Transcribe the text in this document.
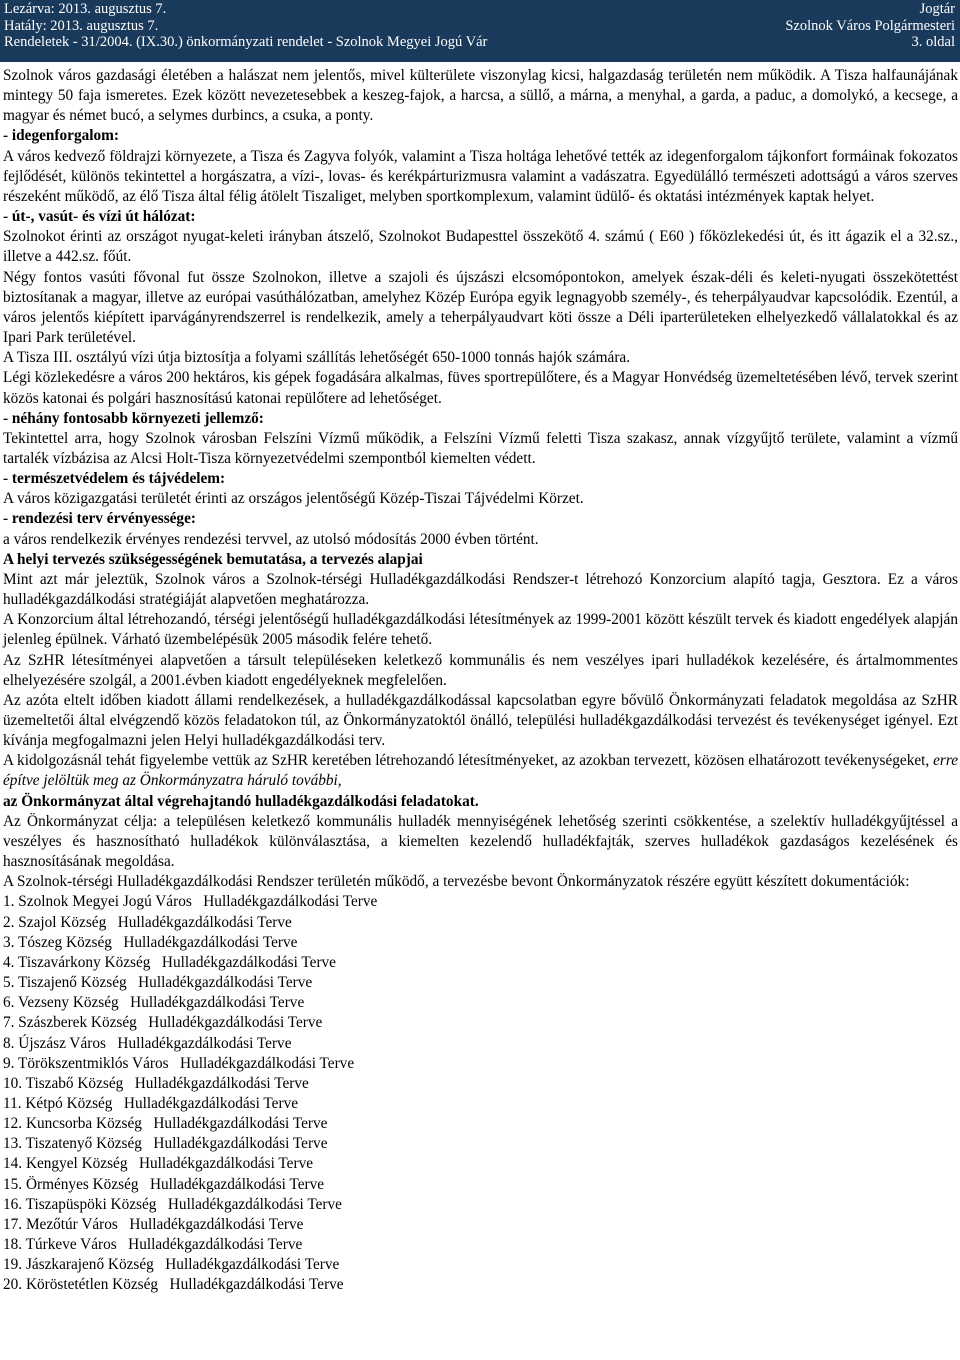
Lezárva: 2013. augusztus 7.
Hatály: 2013. augusztus 7.
Rendeletek - 31/2004. (IX.30.) önkormányzati rendelet - Szolnok Megyei Jogú Vár
Jogtár
Szolnok Város Polgármesteri
3. oldal

Szolnok város gazdasági életében a halászat nem jelentős, mivel külterülete viszonylag kicsi, halgazdaság területén nem működik. A Tisza halfaunájának mintegy 50 faja ismeretes. Ezek között nevezetesebbek a keszeg-fajok, a harcsa, a süllő, a márna, a menyhal, a garda, a paduc, a domolykó, a kecsege, a magyar és német bucó, a selymes durbincs, a csuka, a ponty.

- idegenforgalom:

A város kedvező földrajzi környezete, a Tisza és Zagyva folyók, valamint a Tisza holtága lehetővé tették az idegenforgalom tájkonfort formáinak fokozatos fejlődését, különös tekintettel a horgászatra, a vízi-, lovas- és kerékpárturizmusra valamint a vadászatra. Egyedülálló természeti adottságú a város szerves részeként működő, az élő Tisza által félig átölelt Tiszaliget, melyben sportkomplexum, valamint üdülő- és oktatási intézmények kaptak helyet.

- út-, vasút- és vízi út hálózat:

Szolnokot érinti az országot nyugat-keleti irányban átszelő, Szolnokot Budapesttel összekötő 4. számú ( E60 ) főközlekedési út, és itt ágazik el a 32.sz., illetve a 442.sz. főút.

Négy fontos vasúti fővonal fut össze Szolnokon, illetve a szajoli és újszászi elcsomópontokon, amelyek észak-déli és keleti-nyugati összekötettést biztosítanak a magyar, illetve az európai vasúthálózatban, amelyhez Közép Európa egyik legnagyobb személy-, és teherpályaudvar kapcsolódik. Ezentúl, a város jelentős kiépített iparvágányrendszerrel is rendelkezik, amely a teherpályaudvart köti össze a Déli iparterületeken elhelyezkedő vállalatokkal és az Ipari Park területével.

A Tisza III. osztályú vízi útja biztosítja a folyami szállítás lehetőségét 650-1000 tonnás hajók számára.

Légi közlekedésre a város 200 hektáros, kis gépek fogadására alkalmas, füves sportrepülőtere, és a Magyar Honvédség üzemeltetésében lévő, tervek szerint közös katonai és polgári hasznosítású katonai repülőtere ad lehetőséget.

- néhány fontosabb környezeti jellemző:

Tekintettel arra, hogy Szolnok városban Felszíni Vízmű működik, a Felszíni Vízmű feletti Tisza szakasz, annak vízgyűjtő területe, valamint a vízmű tartalék vízbázisa az Alcsi Holt-Tisza környezetvédelmi szempontból kiemelten védett.

- természetvédelem és tájvédelem:

A város közigazgatási területét érinti az országos jelentőségű Közép-Tiszai Tájvédelmi Körzet.

- rendezési terv érvényessége:

a város rendelkezik érvényes rendezési tervvel, az utolsó módosítás 2000 évben történt.

A helyi tervezés szükségességének bemutatása, a tervezés alapjai

Mint azt már jeleztük, Szolnok város a Szolnok-térségi Hulladékgazdálkodási Rendszer-t létrehozó Konzorcium alapító tagja, Gesztora. Ez a város hulladékgazdálkodási stratégiáját alapvetően meghatározza.

A Konzorcium által létrehozandó, térségi jelentőségű hulladékgazdálkodási létesítmények az 1999-2001 között készült tervek és kiadott engedélyek alapján jelenleg épülnek. Várható üzembelépésük 2005 második felére tehető.

Az SzHR létesítményei alapvetően a társult településeken keletkező kommunális és nem veszélyes ipari hulladékok kezelésére, és ártalmommentes elhelyezésére szolgál, a 2001.évben kiadott engedélyeknek megfelelően.

Az azóta eltelt időben kiadott állami rendelkezések, a hulladékgazdálkodással kapcsolatban egyre bővülő Önkormányzati feladatok megoldása az SzHR üzemeltetői által elvégzendő közös feladatokon túl, az Önkormányzatoktól önálló, települési hulladékgazdálkodási tervezést és tevékenységet igényel. Ezt kívánja megfogalmazni jelen Helyi hulladékgazdálkodási terv.

A kidolgozásnál tehát figyelembe vettük az SzHR keretében létrehozandó létesítményeket, az azokban tervezett, közösen elhatározott tevékenységeket, erre építve jelöltük meg az Önkormányzatra háruló további,

az Önkormányzat által végrehajtandó hulladékgazdálkodási feladatokat.

Az Önkormányzat célja: a településen keletkező kommunális hulladék mennyiségének lehetőség szerinti csökkentése, a szelektív hulladékgyűjtéssel a veszélyes és hasznosítható hulladékok különválasztása, a kiemelten kezelendő hulladékfajták, szerves hulladékok gazdaságos kezelésének és hasznosításának megoldása.

A Szolnok-térségi Hulladékgazdálkodási Rendszer területén működő, a tervezésbe bevont Önkormányzatok részére együtt készített dokumentációk:

1. Szolnok Megyei Jogú Város   Hulladékgazdálkodási Terve
2. Szajol Község   Hulladékgazdálkodási Terve
3. Tószeg Község   Hulladékgazdálkodási Terve
4. Tiszavárkony Község   Hulladékgazdálkodási Terve
5. Tiszajenő Község   Hulladékgazdálkodási Terve
6. Vezseny Község   Hulladékgazdálkodási Terve
7. Szászberek Község   Hulladékgazdálkodási Terve
8. Újszász Város   Hulladékgazdálkodási Terve
9. Törökszentmiklós Város   Hulladékgazdálkodási Terve
10. Tiszabő Község   Hulladékgazdálkodási Terve
11. Kétpó Község   Hulladékgazdálkodási Terve
12. Kuncsorba Község   Hulladékgazdálkodási Terve
13. Tiszatenyő Község   Hulladékgazdálkodási Terve
14. Kengyel Község   Hulladékgazdálkodási Terve
15. Örményes Község   Hulladékgazdálkodási Terve
16. Tiszapüspöki Község   Hulladékgazdálkodási Terve
17. Mezőtúr Város   Hulladékgazdálkodási Terve
18. Túrkeve Város   Hulladékgazdálkodási Terve
19. Jászkarajenő Község   Hulladékgazdálkodási Terve
20. Köröstetétlen Község   Hulladékgazdálkodási Terve
